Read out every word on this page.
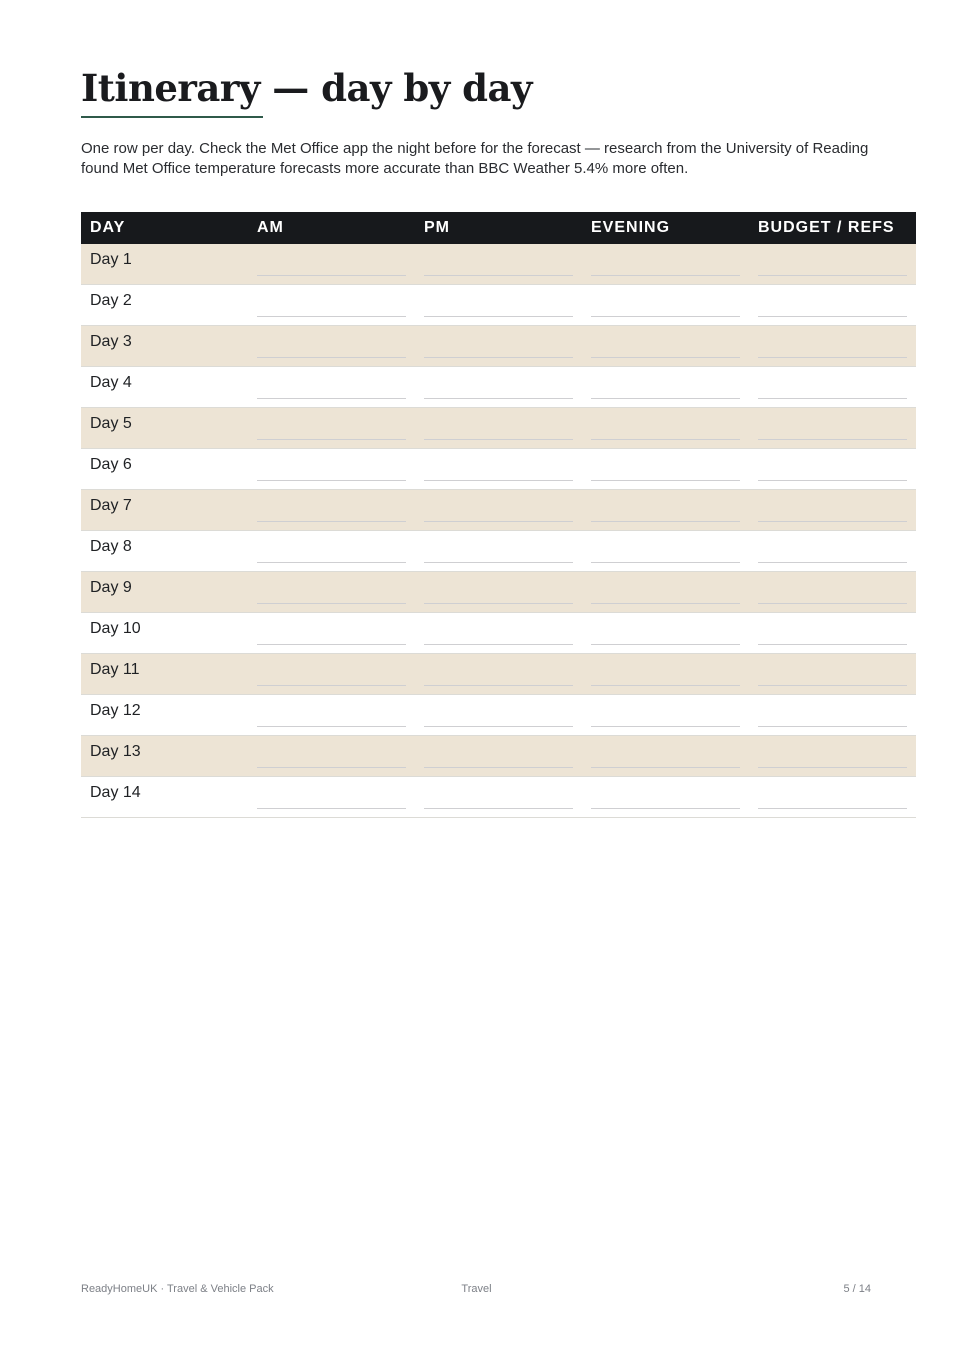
Itinerary — day by day

One row per day. Check the Met Office app the night before for the forecast — research from the University of Reading found Met Office temperature forecasts more accurate than BBC Weather 5.4% more often.

DAY	AM	PM	EVENING	BUDGET / REFS

Day 1				

Day 2				

Day 3				

Day 4				

Day 5				

Day 6				

Day 7				

Day 8				

Day 9				

Day 10				

Day 11				

Day 12				

Day 13				

Day 14				

ReadyHomeUK · Travel & Vehicle Pack	Travel	5 / 14
